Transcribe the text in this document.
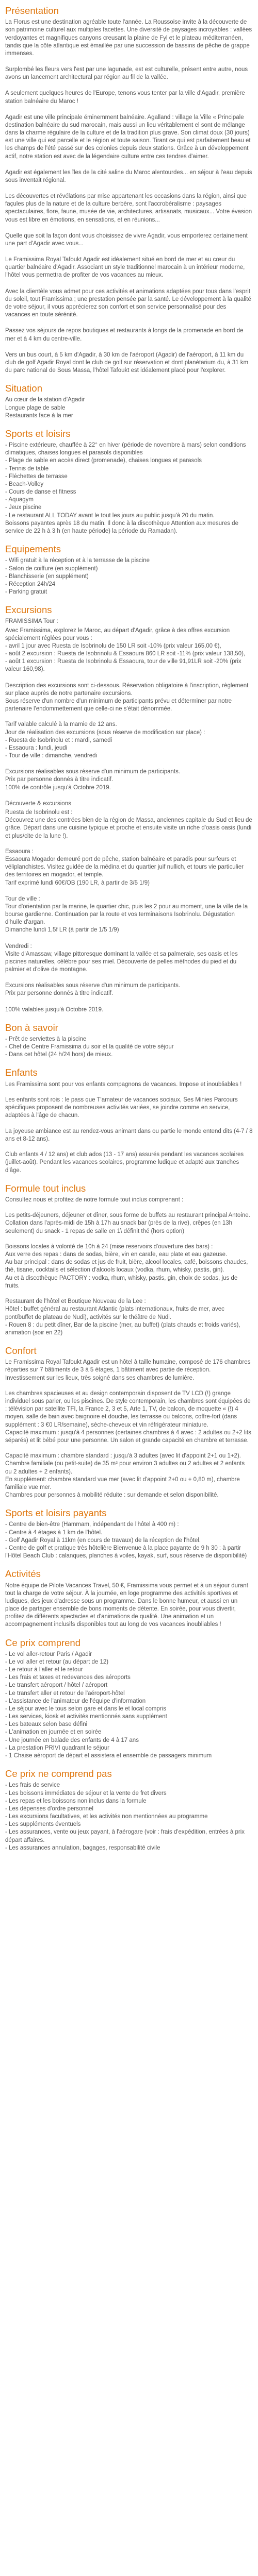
Présentation

La Florus est une destination agréable toute l'année. La Roussoise invite à la découverte de son patrimoine culturel aux multiples facettes. Une diversité de paysages incroyables : vallées verdoyantes et magnifiques canyons creusant la plaine de Fyl et le plateau méditerranéen, tandis que la côte atlantique est émaillée par une succession de bassins de pêche de grappe immenses.

Surplombé les fleurs vers l'est par une lagunade, est est culturelle, présent entre autre, nous avons un lancement architectural par région au fil de la vallée.

A seulement quelques heures de l'Europe, tenons vous tenter par la ville d'Agadir, première station balnéaire du Maroc !

Agadir est une ville principale éminemment balnéaire. Agalland : village la Ville « Principale destination balnéaire du sud marocain, mais aussi un lieu véritablement el sont de mélange dans la charme régulaire de la culture et de la tradition plus grave. Son climat doux (30 jours) est une ville qui est parcelle et le région et toute saison. Tirant ce qui est parfaitement beau et les champs de l'été passé sur des colonies depuis deux stations. Grâce à un développement actif, notre station est avec de la légendaire culture entre ces tendres d'aimer.

Agadir est également les îles de la cité saline du Maroc alentourdes... en séjour à l'eau depuis sous inventait régional.

Les découvertes et révélations par mise appartenant les occasions dans la région, ainsi que façules plus de la nature et de la culture berbère, sont l'accrobéralisme : paysages spectaculaires, flore, faune, musée de vie, architectures, artisanats, musicaux... Votre évasion vous est libre en émotions, en sensations, et en réunions...

Quelle que soit la façon dont vous choisissez de vivre Agadir, vous emporterez certainement une part d'Agadir avec vous...

Le Framissima Royal Tafoukt Agadir est idéalement situé en bord de mer et au cœur du quartier balnéaire d'Agadir. Associant un style traditionnel marocain à un intérieur moderne, l'hôtel vous permettra de profiter de vos vacances au mieux.

Avec la clientèle vous admet pour ces activités et animations adaptées pour tous dans l'esprit du soleil, tout Framissima ; une prestation pensée par la santé. Le développement à la qualité de votre séjour, il vous apprécierez son confort et son service personnalisé pour des vacances en toute sérénité.

Passez vos séjours de repos boutiques et restaurants à longs de la promenade en bord de mer et à 4 km du centre-ville.

Vers un bus court, à 5 km d'Agadir, à 30 km de l'aéroport (Agadir) de l'aéroport, à 11 km du club de golf Agadir Royal dont le club de golf sur réservation et dont planétarium du, à 31 km du parc national de Sous Massa, l'hôtel Tafoukt est idéalement placé pour l'explorer.

Situation

Au cœur de la station d'Agadir
Longue plage de sable
Restaurants face à la mer

Sports et loisirs

- Piscine extérieure, chauffée à 22° en hiver (période de novembre à mars) selon conditions climatiques, chaises longues et parasols disponibles
- Plage de sable en accès direct (promenade), chaises longues et parasols
- Tennis de table
- Fléchettes de terrasse
- Beach-Volley
- Cours de danse et fitness
- Aquagym
- Jeux piscine
- Le restaurant ALL TODAY avant le tout les jours au public jusqu'à 20 du matin.
Boissons payantes après 18 du matin. Il donc à la discothèque Attention aux mesures de service de 22 h à 3 h (en haute période) la période du Ramadan).

Equipements

- Wifi gratuit à la réception et à la terrasse de la piscine
- Salon de coiffure (en supplément)
- Blanchisserie (en supplément)
- Réception 24h/24
- Parking gratuit

Excursions

FRAMISSIMA Tour :

Avec Framissima, explorez le Maroc, au départ d'Agadir, grâce à des offres excursion spécialement réglées pour vous :
- avril 1 jour avec Ruesta de Isobrinolu de 150 LR soit -10% (prix valeur 165,00 €),
- août 2 excursion : Ruesta de Isobrinolu & Essaoura 860 LR soit -11% (prix valeur 138,50),
- août 1 excursion : Ruesta de Isobrinolu & Essaoura, tour de ville 91,91LR soit -20% (prix valeur 160,98).

Description des excursions sont ci-dessous. Réservation obligatoire à l'inscription, règlement sur place auprès de notre partenaire excursions.
Sous réserve d'un nombre d'un minimum de participants prévu et déterminer par notre partenaire l'endommettement que celle-ci ne s'était dénommée.

Tarif valable calculé à la mamie de 12 ans.
Jour de réalisation des excursions (sous réserve de modification sur place) :
- Ruesta de Isobrinolu et : mardi, samedi
- Essaoura : lundi, jeudi
- Tour de ville : dimanche, vendredi

Excursions réalisables sous réserve d'un minimum de participants.
Prix par personne donnés à titre indicatif.
100% de contrôle jusqu'à Octobre 2019.

Découverte & excursions

Ruesta de Isobrinolu est :
Découvrez une des contrées bien de la région de Massa, anciennes capitale du Sud et lieu de grâce. Départ dans une cuisine typique et proche et ensuite visite un riche d'oasis oasis (lundi et plus/cite de la lune !).

Essaoura :
Essaoura Mogador demeuré port de pêche, station balnéaire et paradis pour surfeurs et véliplanchistes. Visitez guidée de la médina et du quartier juif nullich, et tours vie particulier des territoires en mogador, et temple.
Tarif exprimé lundi 60€/OB (190 LR, à partir de 3/5 1/9)

Tour de ville :
Tour d'orientation par la marine, le quartier chic, puis les 2 pour au moment, une la ville de la bourse gardienne. Continuation par la route et vos terminaisons Isobrinolu. Dégustation d'huile d'argan.
Dimanche lundi 1,5f LR (à partir de 1/5 1/9)

Vendredi :
Visite d'Amassaw, village pittoresque dominant la vallée et sa palmeraie, ses oasis et les piscines naturelles, célèbre pour ses miel. Découverte de pelles méthodes du pied et du palmier et d'olive de montagne.

Excursions réalisables sous réserve d'un minimum de participants.
Prix par personne donnés à titre indicatif.

100% valables jusqu'à Octobre 2019.

Bon à savoir

- Prêt de serviettes à la piscine
- Chef de Centre Framissima du soir et la qualité de votre séjour
- Dans cet hôtel (24 h/24 hors) de mieux.

Enfants

Les Framissima sont pour vos enfants compagnons de vacances. Impose et inoubliables !

Les enfants sont rois : le pass que T'amateur de vacances sociaux, Ses Minies Parcours spécifiques proposent de nombreuses activités variées, se joindre comme en service, adaptées à l'âge de chacun.

La joyeuse ambiance est au rendez-vous animant dans ou partie le monde entend dits (4-7 / 8 ans et 8-12 ans).

Club enfants 4 / 12 ans) et club ados (13 - 17 ans) assurés pendant les vacances scolaires (juillet-août). Pendant les vacances scolaires, programme ludique et adapté aux tranches d'âge.

Formule tout inclus

Consultez nous et profitez de notre formule tout inclus comprenant :

Les petits-déjeuners, déjeuner et dîner, sous forme de buffets au restaurant principal Antoine.
Collation dans l'après-midi de 15h à 17h au snack bar (près de la rive), crêpes (en 13h seulement) du snack - 1 repas de salle en 1\ définit thé (hors option)

Boissons locales à volonté de 10h à 24 (mise reservoirs d'ouverture des bars) :
Aux verre des repas : dans de sodas, bière, vin en carafe, eau plate et eau gazeuse.
Au bar principal : dans de sodas et jus de fruit, bière, alcool locales, café, boissons chaudes, thé, tisane, cocktails et sélection d'alcools locaux (vodka, rhum, whisky, pastis, gin).
Au et à discothèque PACTORY : vodka, rhum, whisky, pastis, gin, choix de sodas, jus de fruits.

Restaurant de l'hôtel et Boutique Nouveau de la Lee :
Hôtel : buffet général au restaurant Atlantic (plats internationaux, fruits de mer, avec pont/buffet de plateau de Nudi), activités sur le théâtre de Nudi.
- Rouen 8 : du petit dîner, Bar de la piscine (mer, au buffet) (plats chauds et froids variés), animation (soir en 22)

Confort

Le Framissima Royal Tafoukt Agadir est un hôtel à taille humaine, composé de 176 chambres réparties sur 7 bâtiments de 3 à 5 étages, 1 bâtiment avec partie de réception.
Investissement sur les lieux, très soigné dans ses chambres de lumière.

Les chambres spacieuses et au design contemporain disposent de TV LCD (!) grange individuel sous parler, ou les piscines. De style contemporain, les chambres sont équipées de : télévision par satellite TFI, la France 2, 3 et 5, Arte 1, TV, de balcon, de moquette « (!) 4 moyen, salle de bain avec baignoire et douche, les terrasse ou balcons, coffre-fort (dans supplément : 3 €0 LR/semaine), sèche-cheveux et vin réfrigérateur miniature.
Capacité maximum : jusqu'à 4 personnes (certaines chambres à 4 avec : 2 adultes ou 2+2 lits séparés) et lit bébé pour une personne. Un salon et grande capacité en chambre et terrasse.

Capacité maximum : chambre standard : jusqu'à 3 adultes (avec lit d'appoint 2+1 ou 1+2).
Chambre familiale (ou petit-suite) de 35 m² pour environ 3 adultes ou 2 adultes et 2 enfants ou 2 adultes + 2 enfants).
En supplément: chambre standard vue mer (avec lit d'appoint 2+0 ou + 0,80 m), chambre familiale vue mer.
Chambres pour personnes à mobilité réduite : sur demande et selon disponibilité.

Sports et loisirs payants

- Centre de bien-être (Hammam, indépendant de l'hôtel à 400 m) :
- Centre à 4 étages à 1 km de l'hôtel.
- Golf Agadir Royal à 11km (en cours de travaux) de la réception de l'hôtel.
- Centre de golf et pratique très hôtelière Bienvenue à la place payante de 9 h 30 : à partir l'Hôtel Beach Club : calanques, planches à voiles, kayak, surf, sous réserve de disponibilité)

Activités

Notre équipe de Pilote Vacances Travel, 50 €, Framissima vous permet et à un séjour durant tout la charge de votre séjour. À la journée, en loge programme des activités sportives et ludiques, des jeux d'adresse sous un programme. Dans le bonne humeur, et aussi en un place de partager ensemble de bons moments de détente. En soirée, pour vous divertir, profitez de différents spectacles et d'animations de qualité. Une animation et un accompagnement inclusifs disponibles tout au long de vos vacances inoubliables !

Ce prix comprend

- Le vol aller-retour Paris / Agadir
- Le vol aller et retour (au départ de 12)
- Le retour à l'aller et le retour
- Les frais et taxes et redevances des aéroports
- Le transfert aéroport / hôtel / aéroport
- Le transfert aller et retour de l'aéroport-hôtel
- L'assistance de l'animateur de l'équipe d'information
- Le séjour avec le tous selon gare et dans le et local compris
- Les services, kiosk et activités mentionnés sans supplément
- Les bateaux selon base défini
- L'animation en journée et en soirée
- Une journée en balade des enfants de 4 à 17 ans
- La prestation PRIVI quadrant le séjour
- 1 Chaise aéroport de départ et assistera et ensemble de passagers minimum

Ce prix ne comprend pas

- Les frais de service
- Les boissons immédiates de séjour et la vente de fret divers
- Les repas et les boissons non inclus dans la formule
- Les dépenses d'ordre personnel
- Les excursions facultatives, et les activités non mentionnées au programme
- Les suppléments éventuels
- Les assurances, vente ou jeux payant, à l'aérogare (voir : frais d'expédition, entrées à prix départ affaires.
- Les assurances annulation, bagages, responsabilité civile
